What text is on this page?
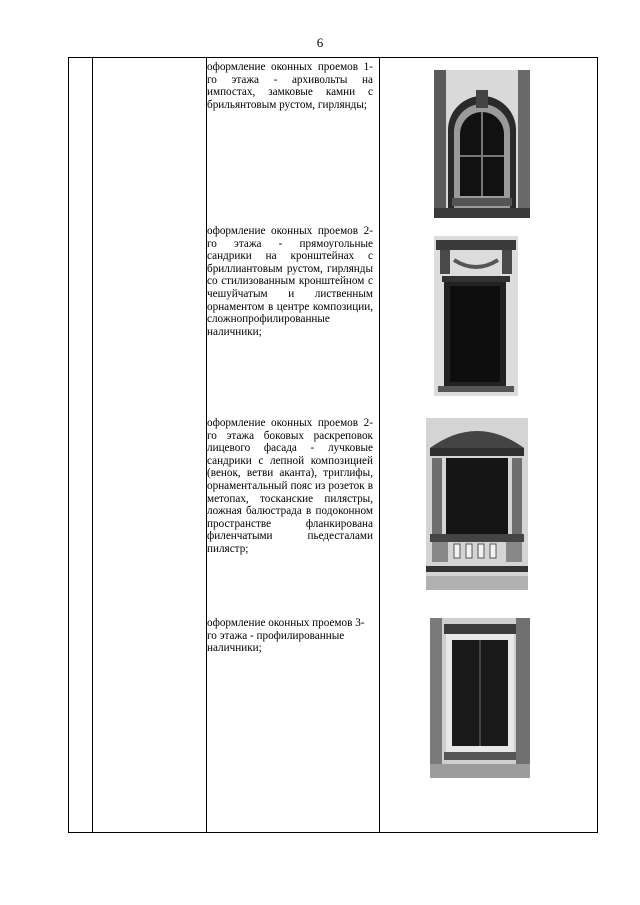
6

оформление оконных проемов 1-го этажа - архивольты на импостах, замковые камни с брильянтовым рустом, гирлянды;

оформление оконных проемов 2-го этажа - прямоугольные сандрики на кронштейнах с бриллиантовым рустом, гирлянды со стилизованным кронштейном с чешуйчатым и лиственным орнаментом в центре композиции, сложнопрофилированные наличники;

оформление оконных проемов 2-го этажа боковых раскреповок лицевого фасада - лучковые сандрики с лепной композицией (венок, ветви аканта), триглифы, орнаментальный пояс из розеток в метопах, тосканские пилястры, ложная балюстрада в подоконном пространстве фланкирована филенчатыми пьедесталами пилястр;

оформление оконных проемов 3-го этажа - профилированные наличники;
